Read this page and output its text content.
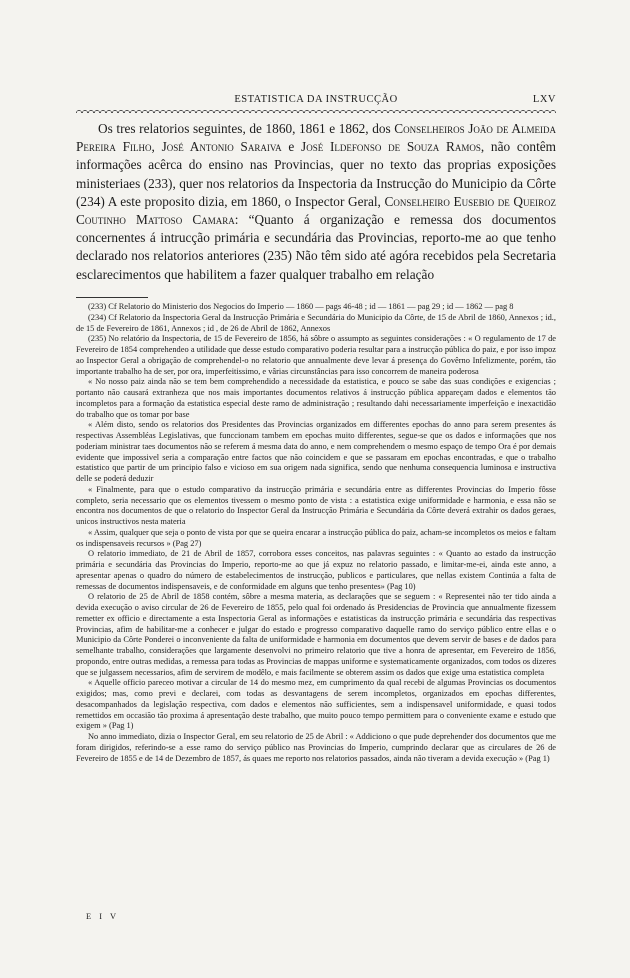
ESTATISTICA DA INSTRUCÇÃO	LXV

Os tres relatorios seguintes, de 1860, 1861 e 1862, dos Conselheiros João de Almeida Pereira Filho, José Antonio Saraiva e José Ildefonso de Souza Ramos, não contêm informações acêrca do ensino nas Provincias, quer no texto das proprias exposições ministeriaes (233), quer nos relatorios da Inspectoria da Instrucção do Municipio da Côrte (234) A este proposito dizia, em 1860, o Inspector Geral, Conselheiro Eusebio de Queiroz Coutinho Mattoso Camara: “Quanto á organização e remessa dos documentos concernentes á intrucção primária e secundária das Provincias, reporto-me ao que tenho declarado nos relatorios anteriores (235) Não têm sido até agóra recebidos pela Secretaria esclarecimentos que habilitem a fazer qualquer trabalho em relação

(233) Cf Relatorio do Ministerio dos Negocios do Imperio — 1860 — pags 46-48 ; id — 1861 — pag 29 ; id — 1862 — pag 8

(234) Cf Relatorio da Inspectoria Geral da Instrucção Primária e Secundária do Municipio da Côrte, de 15 de Abril de 1860, Annexos ; id., de 15 de Fevereiro de 1861, Annexos ; id , de 26 de Abril de 1862, Annexos

(235) No relatório da Inspectoria, de 15 de Fevereiro de 1856, há sôbre o assumpto as seguintes considerações : « O regulamento de 17 de Fevereiro de 1854 comprehendeo a utilidade que desse estudo comparativo poderia resultar para a instrucção pública do paiz, e por isso impoz ao Inspector Geral a obrigação de comprehendel-o no relatorio que annualmente deve levar á presença do Govêrno Infelizmente, porém, tão importante trabalho ha de ser, por ora, imperfeitissimo, e vârias circunstâncias para isso concorrem de maneira poderosa

« No nosso paiz ainda não se tem bem comprehendido a necessidade da estatistica, e pouco se sabe das suas condições e exigencias ; portanto não causará extranheza que nos mais importantes documentos relativos á instrucção pública appareçam dados e elementos tão incompletos para a formação da estatistica especial deste ramo de administração ; resultando dahi necessariamente imperfeição e inexactidão do trabalho que os tomar por base

« Além disto, sendo os relatorios dos Presidentes das Provincias organizados em differentes epochas do anno para serem presentes ás respectivas Assembléas Legislativas, que funccionam tambem em epochas muito differentes, segue-se que os dados e informações que nos poderiam ministrar taes documentos não se referem á mesma data do anno, e nem comprehendem o mesmo espaço de tempo Ora é por demais evidente que impossivel seria a comparação entre factos que não coincidem e que se passaram em epochas encontradas, e que o trabalho estatistico que partir de um principio falso e vicioso em sua origem nada significa, sendo que nenhuma consequencia luminosa e instructiva delle se poderá deduzir

« Finalmente, para que o estudo comparativo da instrucção primária e secundária entre as differentes Provincias do Imperio fôsse completo, seria necessario que os elementos tivessem o mesmo ponto de vista : a estatistica exige uniformidade e harmonia, e essa não se encontra nos documentos de que o relatorio do Inspector Geral da Instrucção Primária e Secundária da Côrte deverá extrahir os dados geraes, unicos instructivos nesta materia

« Assim, qualquer que seja o ponto de vista por que se queira encarar a instrucção pública do paiz, acham-se incompletos os meios e faltam os indispensaveis recursos » (Pag 27)

O relatorio immediato, de 21 de Abril de 1857, corrobora esses conceitos, nas palavras seguintes : « Quanto ao estado da instrucção primária e secundária das Provincias do Imperio, reporto-me ao que já expuz no relatorio passado, e limitar-me-ei, ainda este anno, a apresentar apenas o quadro do número de estabelecimentos de instrucção, publicos e particulares, que nellas existem Continúa a falta de remessas de documentos indispensaveis, e de conformidade em alguns que tenho presentes» (Pag 10)

O relatorio de 25 de Abril de 1858 contém, sôbre a mesma materia, as declarações que se seguem : « Representei não ter tido ainda a devida execução o aviso circular de 26 de Fevereiro de 1855, pelo qual foi ordenado ás Presidencias de Provincia que annualmente fizessem remetter ex officio e directamente a esta Inspectoria Geral as informações e estatisticas da instrucção primária e secundária das respectivas Provincias, afim de habilitar-me a conhecer e julgar do estado e progresso comparativo daquelle ramo do serviço público entre ellas e o Municipio da Côrte Ponderei o inconveniente da falta de uniformidade e harmonia em documentos que devem servir de bases e de dados para semelhante trabalho, considerações que largamente desenvolvi no primeiro relatorio que tive a honra de apresentar, em Fevereiro de 1856, propondo, entre outras medidas, a remessa para todas as Provincias de mappas uniforme e systematicamente organizados, com todos os dizeres que se julgassem necessarios, afim de servirem de modêlo, e mais facilmente se obterem assim os dados que exige uma estatistica completa

« Aquelle officio pareceo motivar a circular de 14 do mesmo mez, em cumprimento da qual recebi de algumas Provincias os documentos exigidos; mas, como previ e declarei, com todas as desvantagens de serem incompletos, organizados em epochas differentes, desacompanhados da legislação respectiva, com dados e elementos não sufficientes, sem a indispensavel uniformidade, e quasi todos remettidos em occasião tão proxima á apresentação deste trabalho, que muito pouco tempo permittem para o conveniente exame e estudo que exigem » (Pag 1)

No anno immediato, dizia o Inspector Geral, em seu relatorio de 25 de Abril : « Addiciono o que pude deprehender dos documentos que me foram dirigidos, referindo-se a esse ramo do serviço público nas Provincias do Imperio, cumprindo declarar que as circulares de 26 de Fevereiro de 1855 e de 14 de Dezembro de 1857, ás quaes me reporto nos relatorios passados, ainda não tiveram a devida execução » (Pag 1)

E I V
